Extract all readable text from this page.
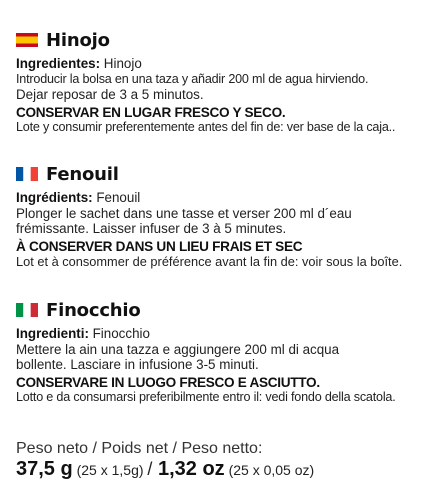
Hinojo
Ingredientes: Hinojo
Introducir la bolsa en una taza y añadir 200 ml de agua hirviendo.
Dejar reposar de 3 a 5 minutos.
CONSERVAR EN LUGAR FRESCO Y SECO.
Lote y consumir preferentemente antes del fin de: ver base de la caja..
Fenouil
Ingrédients: Fenouil
Plonger le sachet dans une tasse et verser 200 ml d´eau
frémissante. Laisser infuser de 3 à 5 minutes.
À CONSERVER DANS UN LIEU FRAIS ET SEC
Lot et à consommer de préférence avant la fin de: voir sous la boîte.
Finocchio
Ingredienti: Finocchio
Mettere la ain una tazza e aggiungere 200 ml di acqua
bollente. Lasciare in infusione 3-5 minuti.
CONSERVARE IN LUOGO FRESCO E ASCIUTTO.
Lotto e da consumarsi preferibilmente entro il: vedi fondo della scatola.
Peso neto / Poids net / Peso netto:
37,5 g (25 x 1,5g) / 1,32 oz (25 x 0,05 oz)
